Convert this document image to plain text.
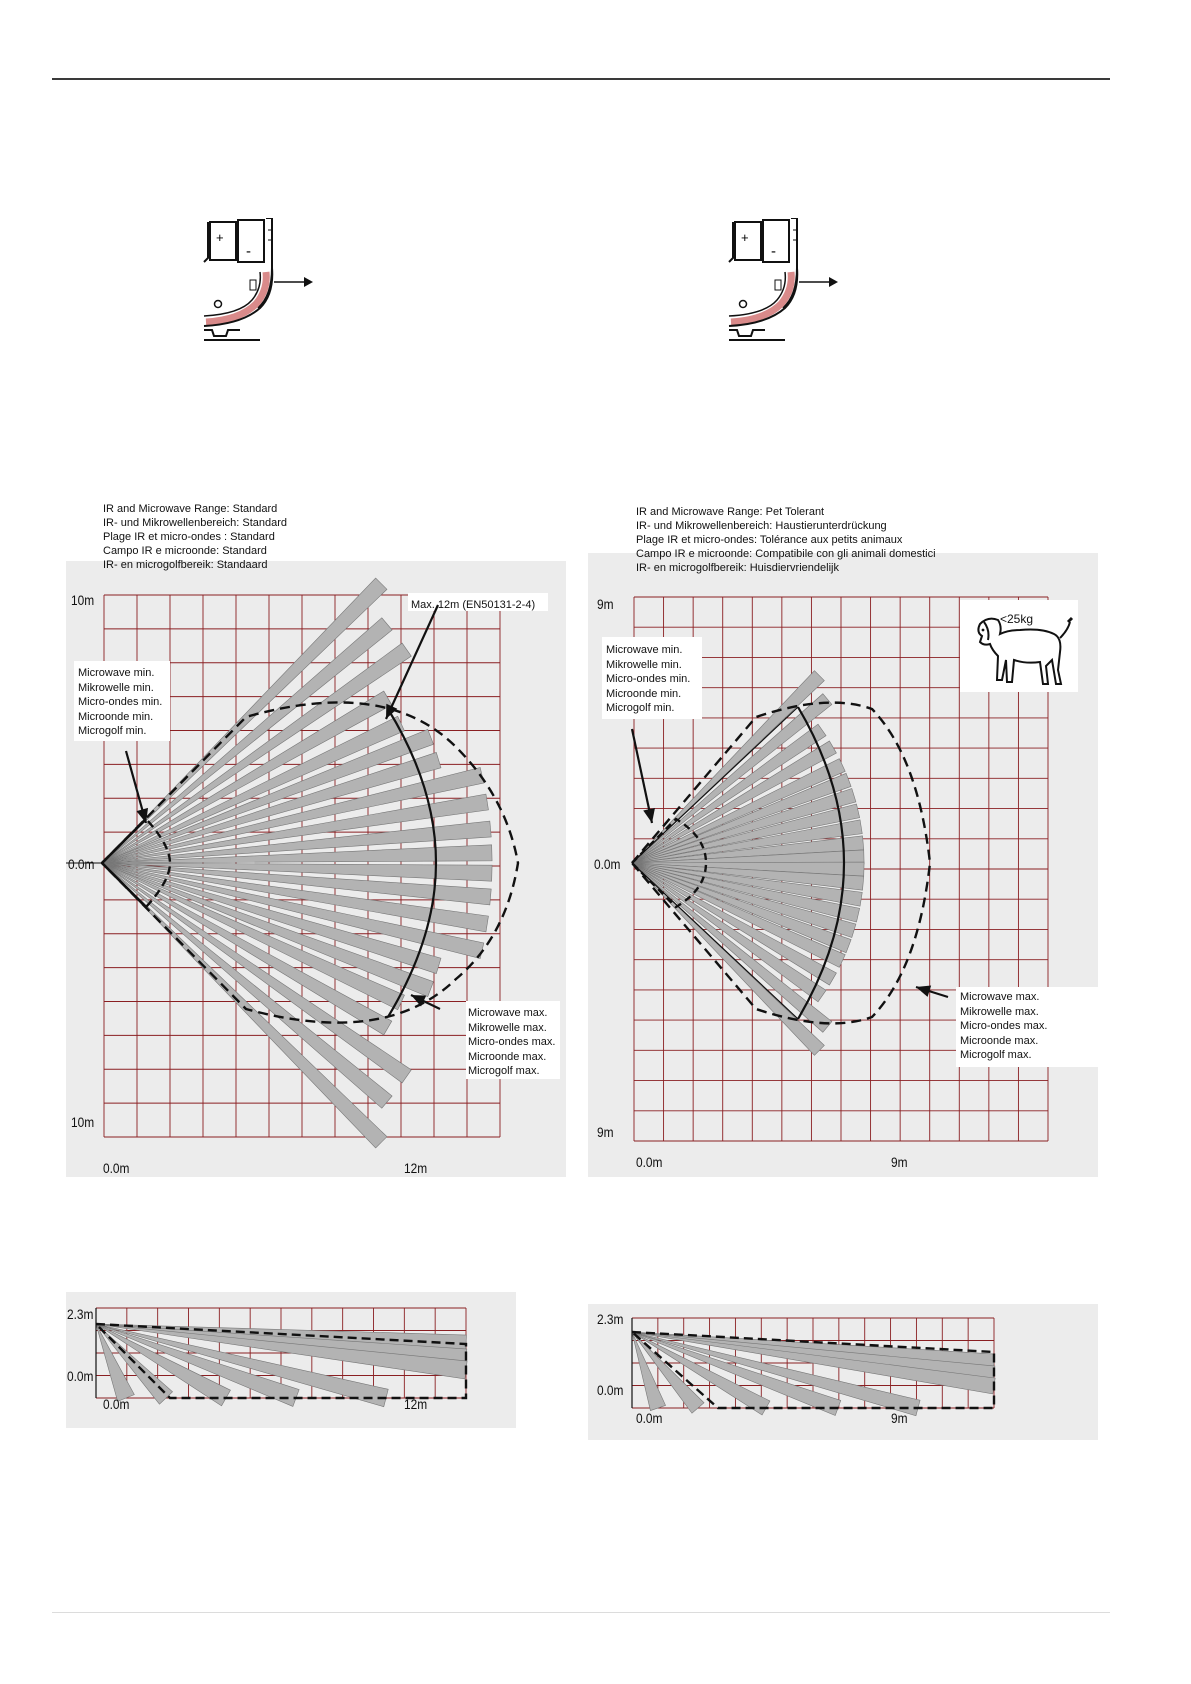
+
-
+
-
IR and Microwave Range: Standard
IR- und Mikrowellenbereich: Standard
Plage IR et micro-ondes : Standard
Campo IR e microonde: Standard
IR- en microgolfbereik: Standaard
10m
0.0m
10m
0.0m	12m
Max. 12m (EN50131-2-4)
Microwave min.
Mikrowelle min.
Micro-ondes min.
Microonde min.
Microgolf min.
Microwave max.
Mikrowelle max.
Micro-ondes max.
Microonde max.
Microgolf max.
IR and Microwave Range: Pet Tolerant
IR- und Mikrowellenbereich: Haustierunterdrückung
Plage IR et micro-ondes: Tolérance aux petits animaux
Campo IR e microonde: Compatibile con gli animali domestici
IR- en microgolfbereik: Huisdiervriendelijk
<25kg
9m
0.0m
9m
0.0m	9m
Microwave min.
Mikrowelle min.
Micro-ondes min.
Microonde min.
Microgolf min.
Microwave max.
Mikrowelle max.
Micro-ondes max.
Microonde max.
Microgolf max.
2.3m
0.0m
0.0m	12m
2.3m
0.0m
0.0m	9m
